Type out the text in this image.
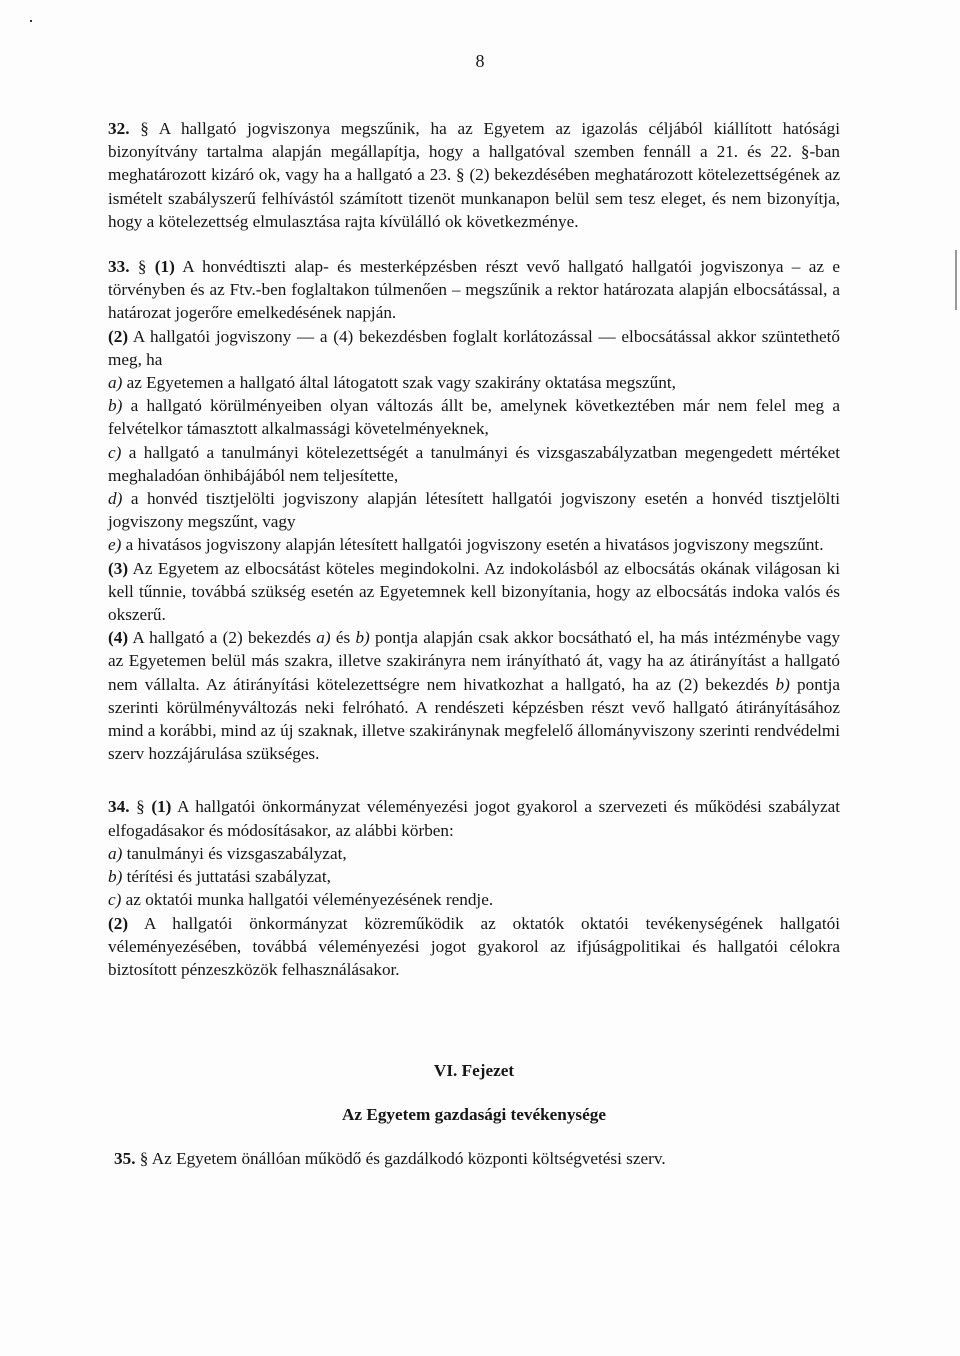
8

32. § A hallgató jogviszonya megszűnik, ha az Egyetem az igazolás céljából kiállított hatósági bizonyítvány tartalma alapján megállapítja, hogy a hallgatóval szemben fennáll a 21. és 22. §-ban meghatározott kizáró ok, vagy ha a hallgató a 23. § (2) bekezdésében meghatározott kötelezettségének az ismételt szabályszerű felhívástól számított tizenöt munkanapon belül sem tesz eleget, és nem bizonyítja, hogy a kötelezettség elmulasztása rajta kívülálló ok következménye.

33. § (1) A honvédtiszti alap- és mesterképzésben részt vevő hallgató hallgatói jogviszonya – az e törvényben és az Ftv.-ben foglaltakon túlmenően – megszűnik a rektor határozata alapján elbocsátással, a határozat jogerőre emelkedésének napján.

(2) A hallgatói jogviszony — a (4) bekezdésben foglalt korlátozással — elbocsátással akkor szüntethető meg, ha

a) az Egyetemen a hallgató által látogatott szak vagy szakirány oktatása megszűnt,

b) a hallgató körülményeiben olyan változás állt be, amelynek következtében már nem felel meg a felvételkor támasztott alkalmassági követelményeknek,

c) a hallgató a tanulmányi kötelezettségét a tanulmányi és vizsgaszabályzatban megengedett mértéket meghaladóan önhibájából nem teljesítette,

d) a honvéd tisztjelölti jogviszony alapján létesített hallgatói jogviszony esetén a honvéd tisztjelölti jogviszony megszűnt, vagy

e) a hivatásos jogviszony alapján létesített hallgatói jogviszony esetén a hivatásos jogviszony megszűnt.

(3) Az Egyetem az elbocsátást köteles megindokolni. Az indokolásból az elbocsátás okának világosan ki kell tűnnie, továbbá szükség esetén az Egyetemnek kell bizonyítania, hogy az elbocsátás indoka valós és okszerű.

(4) A hallgató a (2) bekezdés a) és b) pontja alapján csak akkor bocsátható el, ha más intézménybe vagy az Egyetemen belül más szakra, illetve szakirányra nem irányítható át, vagy ha az átirányítást a hallgató nem vállalta. Az átirányítási kötelezettségre nem hivatkozhat a hallgató, ha az (2) bekezdés b) pontja szerinti körülményváltozás neki felróható. A rendészeti képzésben részt vevő hallgató átirányításához mind a korábbi, mind az új szaknak, illetve szakiránynak megfelelő állományviszony szerinti rendvédelmi szerv hozzájárulása szükséges.

34. § (1) A hallgatói önkormányzat véleményezési jogot gyakorol a szervezeti és működési szabályzat elfogadásakor és módosításakor, az alábbi körben:

a) tanulmányi és vizsgaszabályzat,

b) térítési és juttatási szabályzat,

c) az oktatói munka hallgatói véleményezésének rendje.

(2) A hallgatói önkormányzat közreműködik az oktatók oktatói tevékenységének hallgatói véleményezésében, továbbá véleményezési jogot gyakorol az ifjúságpolitikai és hallgatói célokra biztosított pénzeszközök felhasználásakor.

VI. Fejezet

Az Egyetem gazdasági tevékenysége

35. § Az Egyetem önállóan működő és gazdálkodó központi költségvetési szerv.
